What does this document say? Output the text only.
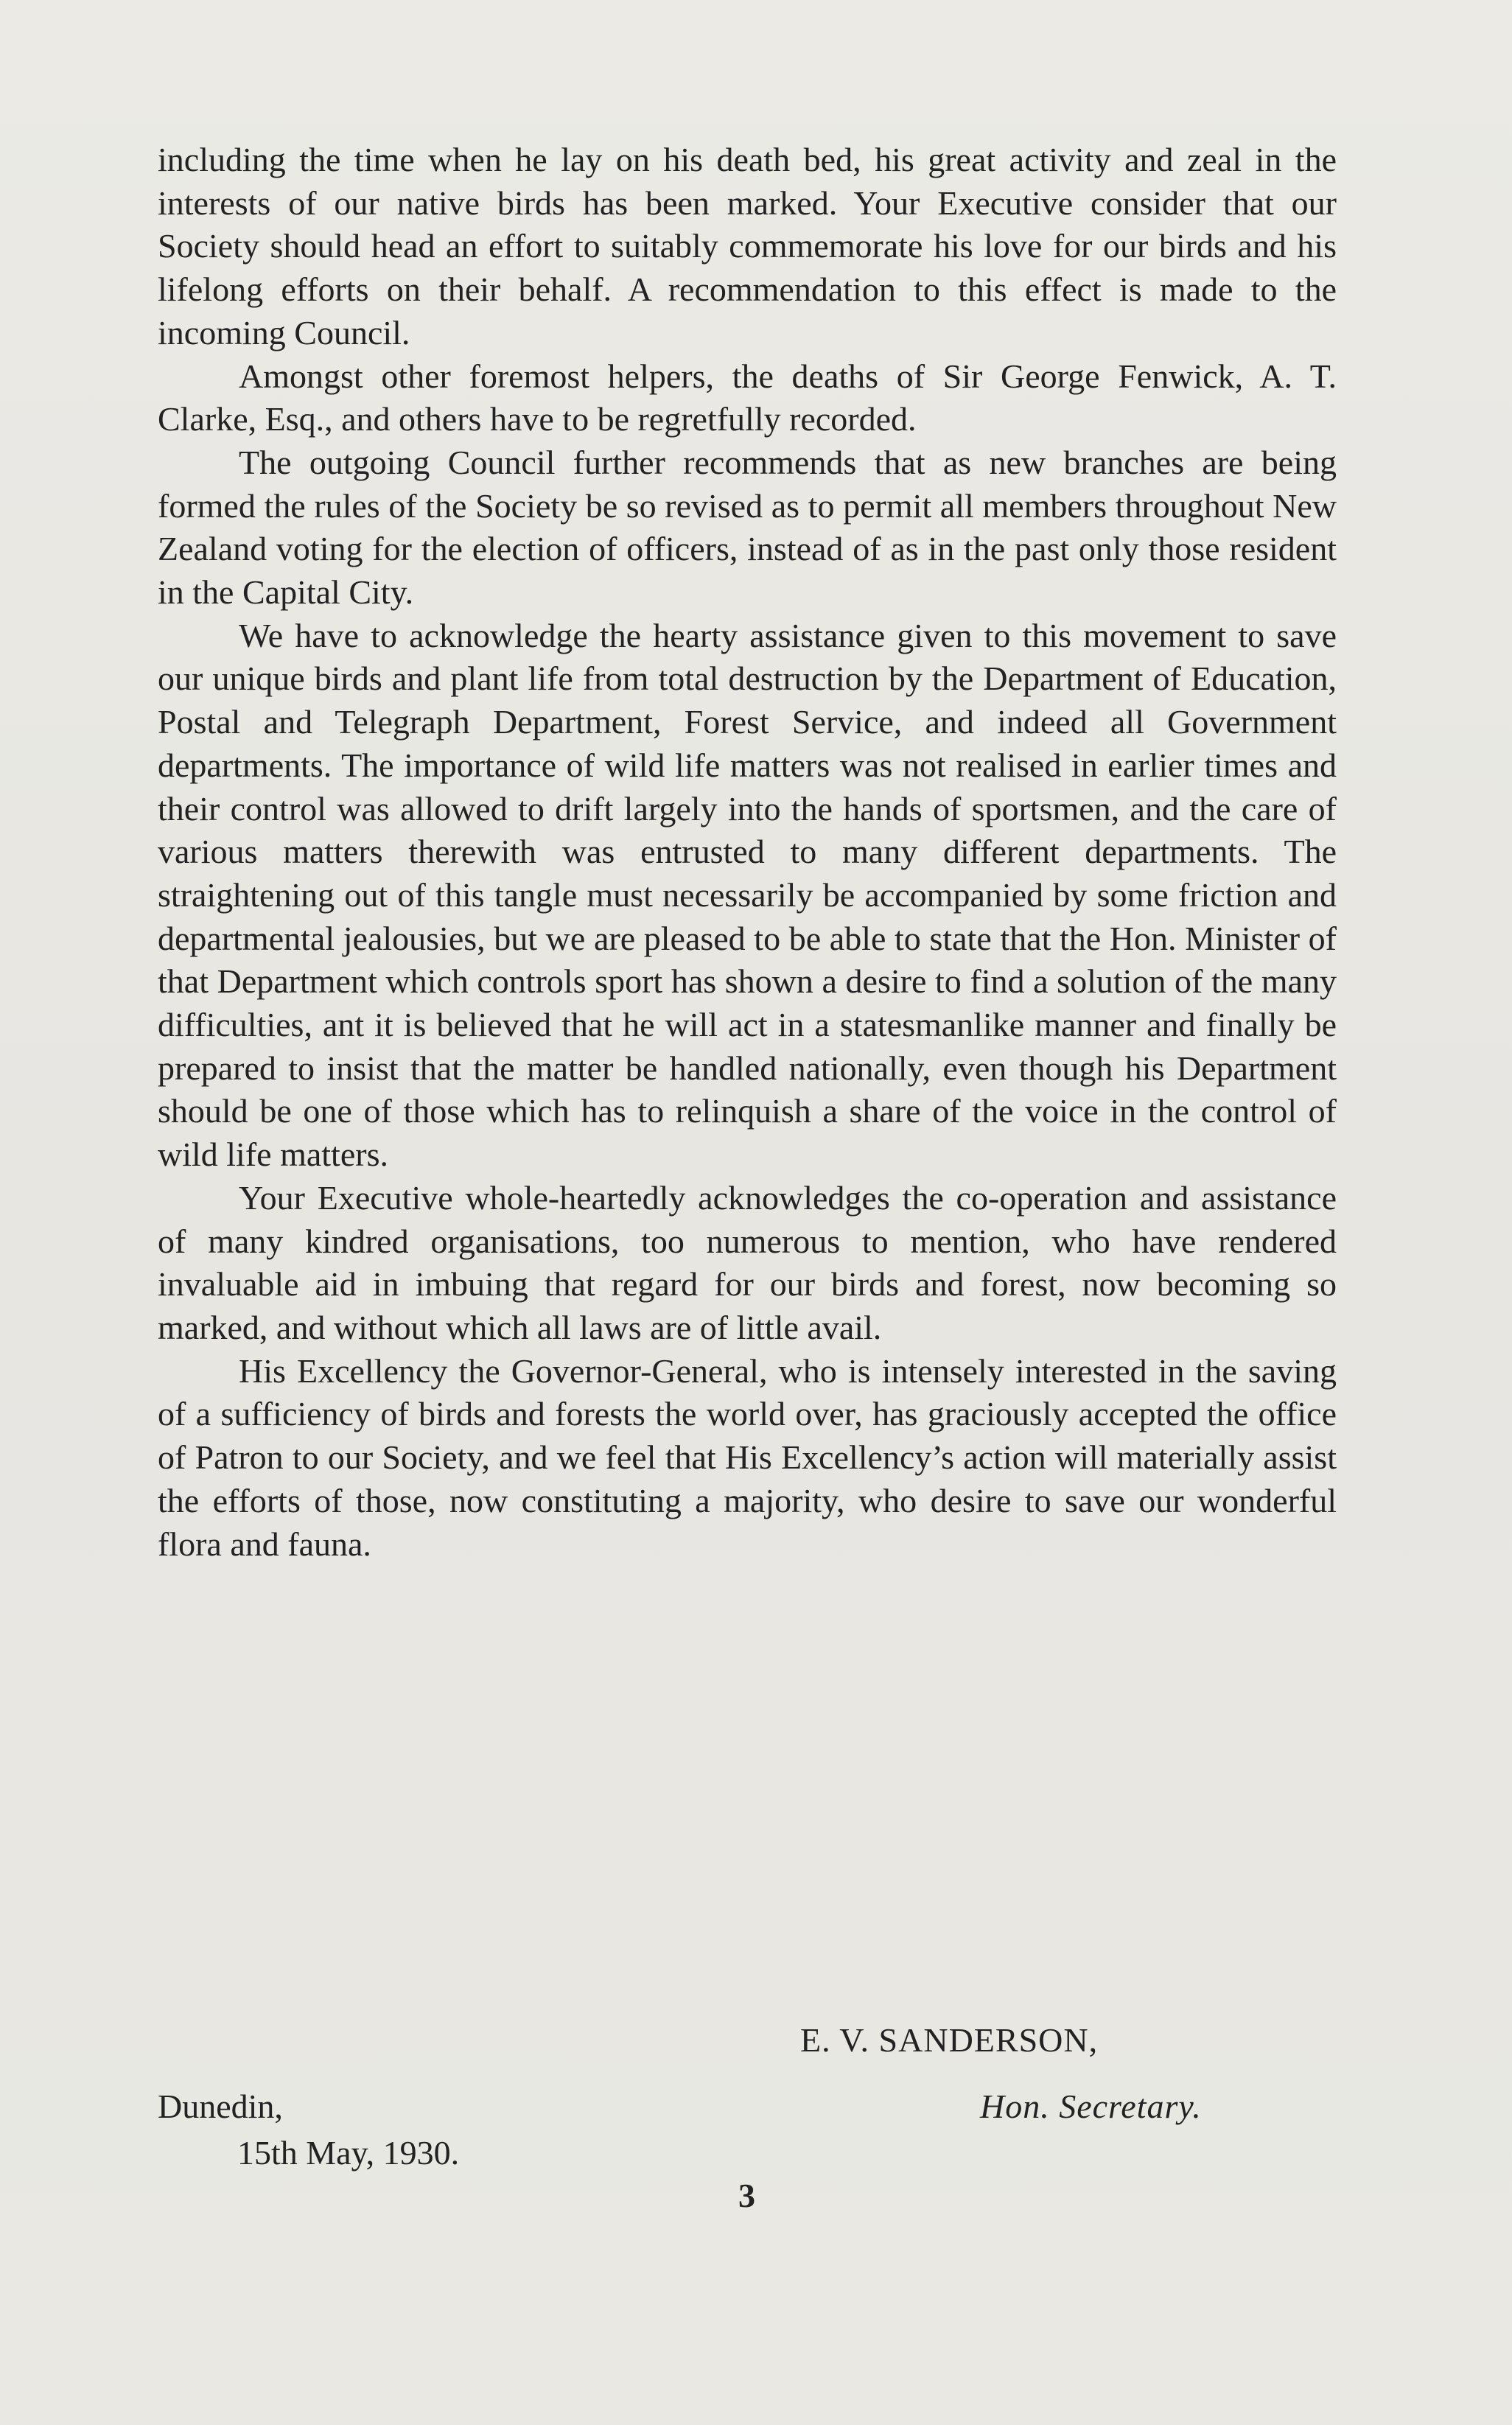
including the time when he lay on his death bed, his great activity and zeal in the interests of our native birds has been marked. Your Executive consider that our Society should head an effort to suitably commemorate his love for our birds and his lifelong efforts on their behalf. A recommendation to this effect is made to the incoming Council.

Amongst other foremost helpers, the deaths of Sir George Fenwick, A. T. Clarke, Esq., and others have to be regretfully recorded.

The outgoing Council further recommends that as new branches are being formed the rules of the Society be so revised as to permit all members throughout New Zealand voting for the election of officers, instead of as in the past only those resident in the Capital City.

We have to acknowledge the hearty assistance given to this movement to save our unique birds and plant life from total destruction by the Department of Education, Postal and Telegraph Department, Forest Service, and indeed all Government departments. The importance of wild life matters was not realised in earlier times and their control was allowed to drift largely into the hands of sportsmen, and the care of various matters therewith was entrusted to many different departments. The straightening out of this tangle must necessarily be accompanied by some friction and departmental jealousies, but we are pleased to be able to state that the Hon. Minister of that Department which controls sport has shown a desire to find a solution of the many difficulties, ant it is believed that he will act in a statesmanlike manner and finally be prepared to insist that the matter be handled nationally, even though his Department should be one of those which has to relinquish a share of the voice in the control of wild life matters.

Your Executive whole-heartedly acknowledges the co-operation and assistance of many kindred organisations, too numerous to mention, who have rendered invaluable aid in imbuing that regard for our birds and forest, now becoming so marked, and without which all laws are of little avail.

His Excellency the Governor-General, who is intensely interested in the saving of a sufficiency of birds and forests the world over, has graciously accepted the office of Patron to our Society, and we feel that His Excellency’s action will materially assist the efforts of those, now constituting a majority, who desire to save our wonderful flora and fauna.

E. V. SANDERSON,
Dunedin,	Hon. Secretary.
15th May, 1930.
3
